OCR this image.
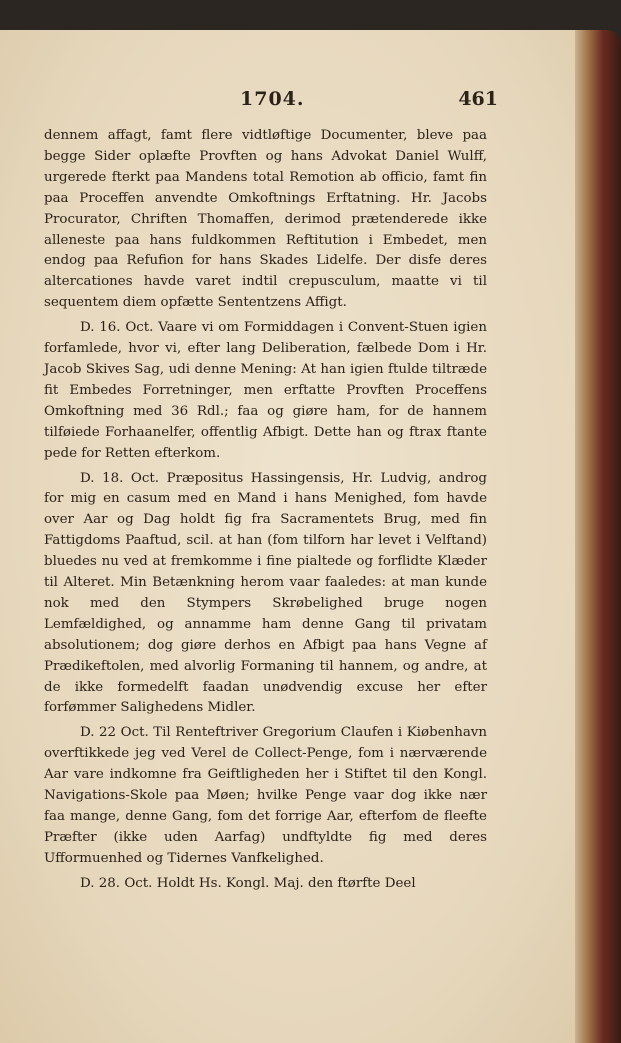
1704.	461

dennem affagt, famt flere vidtløftige Documenter, bleve paa begge Sider oplæfte Provften og hans Advokat Daniel Wulff, urgerede fterkt paa Mandens total Remotion ab officio, famt fin paa Proceffen anvendte Omkoftnings Erftatning. Hr. Jacobs Procurator, Chriften Thomaffen, derimod prætenderede ikke alleneste paa hans fuldkommen Reftitution i Embedet, men endog paa Refufion for hans Skades Lidelfe. Der disfe deres altercationes havde varet indtil crepusculum, maatte vi til sequentem diem opfætte Sententzens Affigt.

D. 16. Oct. Vaare vi om Formiddagen i Convent-Stuen igien forfamlede, hvor vi, efter lang Deliberation, fælbede Dom i Hr. Jacob Skives Sag, udi denne Mening: At han igien ftulde tiltræde fit Embedes Forretninger, men erftatte Provften Proceffens Omkoftning med 36 Rdl.; faa og giøre ham, for de hannem tilføiede Forhaanelfer, offentlig Afbigt. Dette han og ftrax ftante pede for Retten efterkom.

D. 18. Oct. Præpositus Hassingensis, Hr. Ludvig, androg for mig en casum med en Mand i hans Menighed, fom havde over Aar og Dag holdt fig fra Sacramentets Brug, med fin Fattigdoms Paaftud, scil. at han (fom tilforn har levet i Velftand) bluedes nu ved at fremkomme i fine pialtede og forflidte Klæder til Alteret. Min Betænkning herom vaar faaledes: at man kunde nok med den Stympers Skrøbelighed bruge nogen Lemfældighed, og annamme ham denne Gang til privatam absolutionem; dog giøre derhos en Afbigt paa hans Vegne af Prædikeftolen, med alvorlig Formaning til hannem, og andre, at de ikke formedelft faadan unødvendig excuse her efter forfømmer Salighedens Midler.

D. 22 Oct. Til Renteftriver Gregorium Claufen i Kiøbenhavn overftikkede jeg ved Verel de Collect-Penge, fom i nærværende Aar vare indkomne fra Geiftligheden her i Stiftet til den Kongl. Navigations-Skole paa Møen; hvilke Penge vaar dog ikke nær faa mange, denne Gang, fom det forrige Aar, efterfom de fleefte Præfter (ikke uden Aarfag) undftyldte fig med deres Ufformuenhed og Tidernes Vanfkelighed.

D. 28. Oct. Holdt Hs. Kongl. Maj. den ftørfte Deel
